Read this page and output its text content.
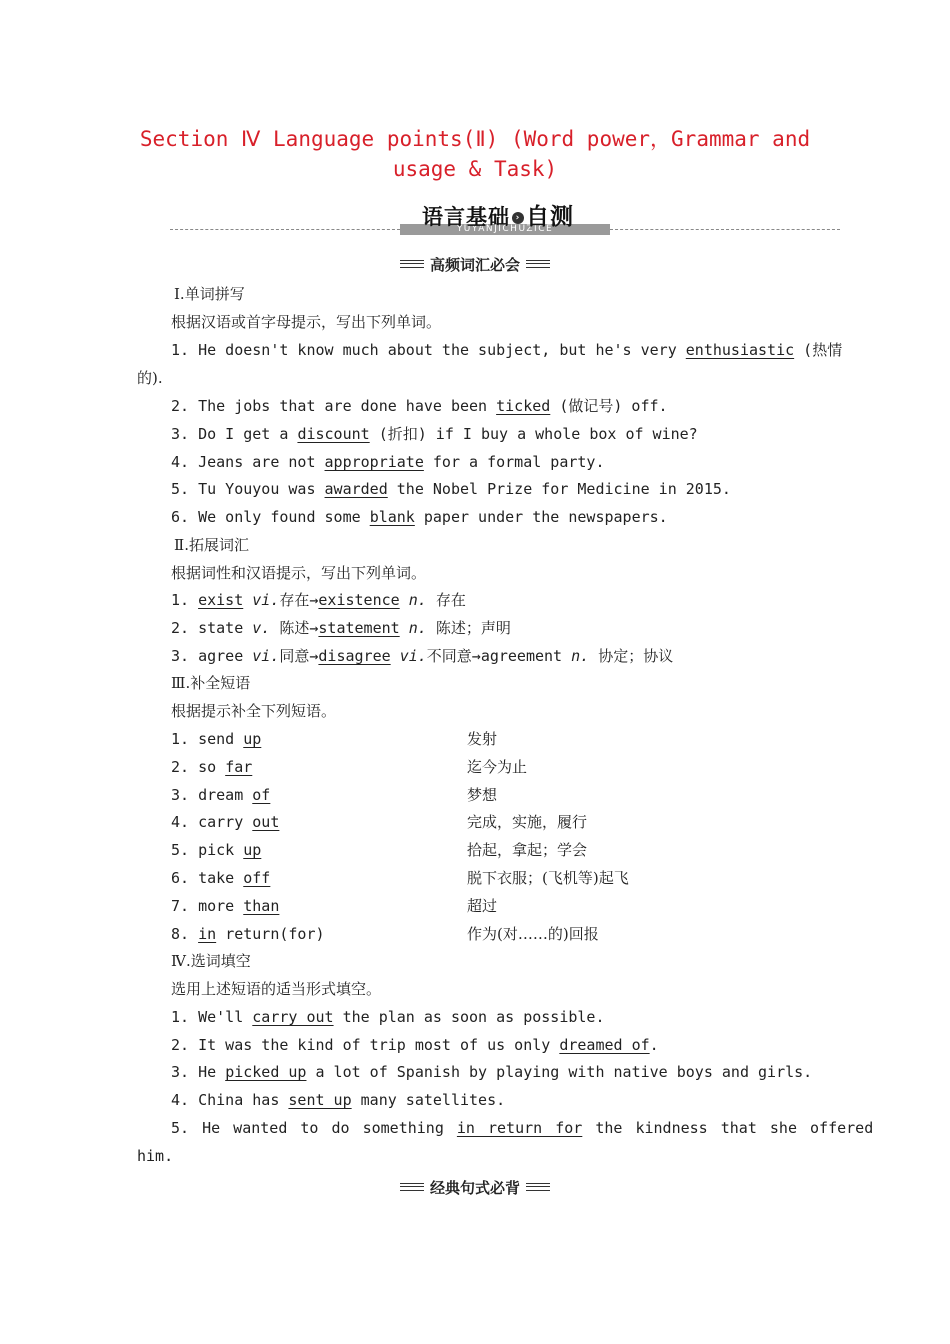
Section Ⅳ Language points(Ⅱ) (Word power，Grammar and
usage & Task)
YUYANJICHUZICE
语言基础 › 自测
高频词汇必会
Ⅰ.单词拼写
根据汉语或首字母提示，写出下列单词。
1. He doesn't know much about the subject, but he's very enthusiastic (热情
的).
2. The jobs that are done have been ticked (做记号) off.
3. Do I get a discount (折扣) if I buy a whole box of wine?
4. Jeans are not appropriate for a formal party.
5. Tu Youyou was awarded the Nobel Prize for Medicine in 2015.
6. We only found some blank paper under the newspapers.
Ⅱ.拓展词汇
根据词性和汉语提示，写出下列单词。
1. exist vi.存在→existence n. 存在
2. state v. 陈述→statement n. 陈述；声明
3. agree vi.同意→disagree vi.不同意→agreement n. 协定；协议
Ⅲ.补全短语
根据提示补全下列短语。
1. send up	发射
2. so far	迄今为止
3. dream of	梦想
4. carry out	完成，实施，履行
5. pick up	拾起，拿起；学会
6. take off	脱下衣服；(飞机等)起飞
7. more than	超过
8. in return(for)	作为(对……的)回报
Ⅳ.选词填空
选用上述短语的适当形式填空。
1. We'll carry out the plan as soon as possible.
2. It was the kind of trip most of us only dreamed of.
3. He picked up a lot of Spanish by playing with native boys and girls.
4. China has sent up many satellites.
5. He wanted to do something in return for the kindness that she offered
him.
经典句式必背
